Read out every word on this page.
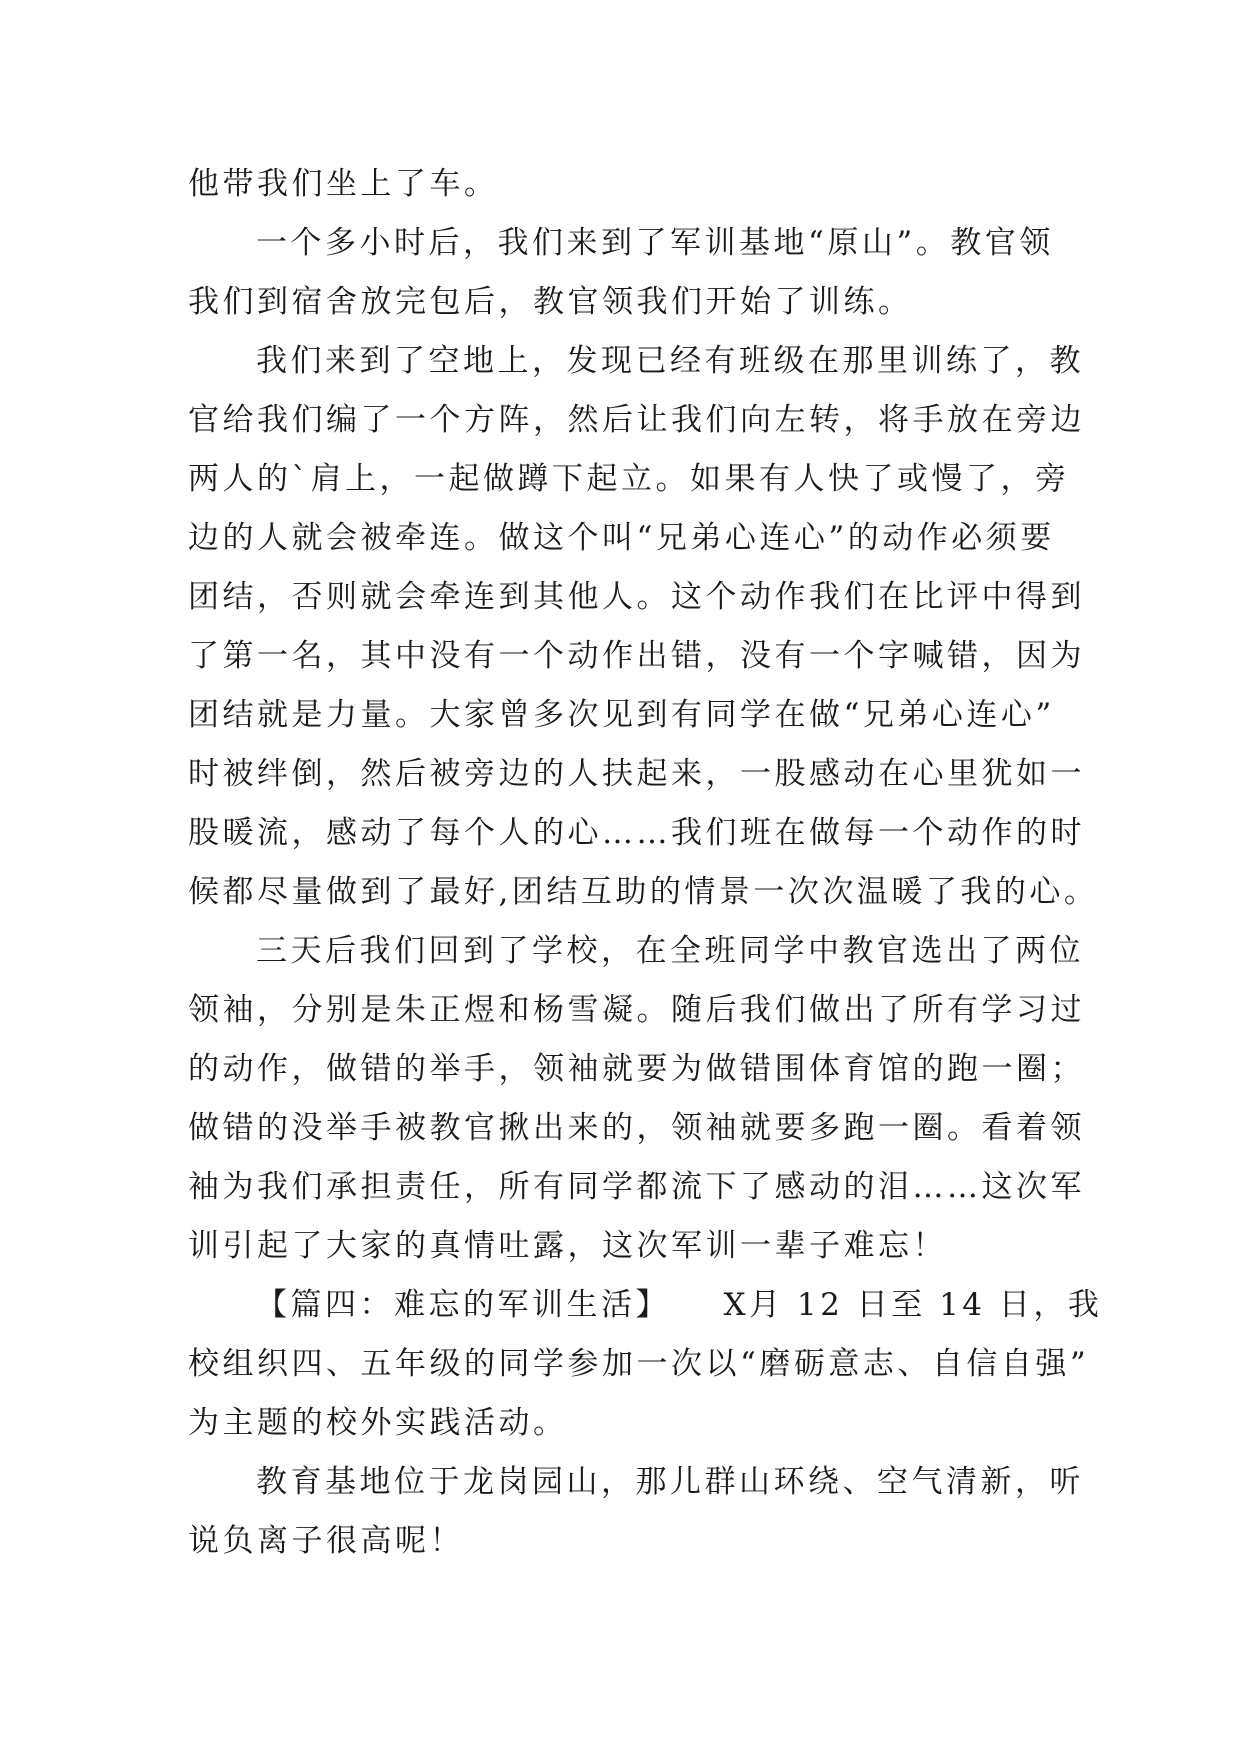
他带我们坐上了车。
一个多小时后，我们来到了军训基地“原山”。教官领
我们到宿舍放完包后，教官领我们开始了训练。
我们来到了空地上，发现已经有班级在那里训练了，教
官给我们编了一个方阵，然后让我们向左转，将手放在旁边
两人的`肩上，一起做蹲下起立。如果有人快了或慢了，旁
边的人就会被牵连。做这个叫“兄弟心连心”的动作必须要
团结，否则就会牵连到其他人。这个动作我们在比评中得到
了第一名，其中没有一个动作出错，没有一个字喊错，因为
团结就是力量。大家曾多次见到有同学在做“兄弟心连心”
时被绊倒，然后被旁边的人扶起来，一股感动在心里犹如一
股暖流，感动了每个人的心……我们班在做每一个动作的时
候都尽量做到了最好,团结互助的情景一次次温暖了我的心。
三天后我们回到了学校，在全班同学中教官选出了两位
领袖，分别是朱正煜和杨雪凝。随后我们做出了所有学习过
的动作，做错的举手，领袖就要为做错围体育馆的跑一圈；
做错的没举手被教官揪出来的，领袖就要多跑一圈。看着领
袖为我们承担责任，所有同学都流下了感动的泪……这次军
训引起了大家的真情吐露，这次军训一辈子难忘！
【篇四：难忘的军训生活】　　X月 12 日至 14 日，我
校组织四、五年级的同学参加一次以“磨砺意志、自信自强”
为主题的校外实践活动。
教育基地位于龙岗园山，那儿群山环绕、空气清新，听
说负离子很高呢！
